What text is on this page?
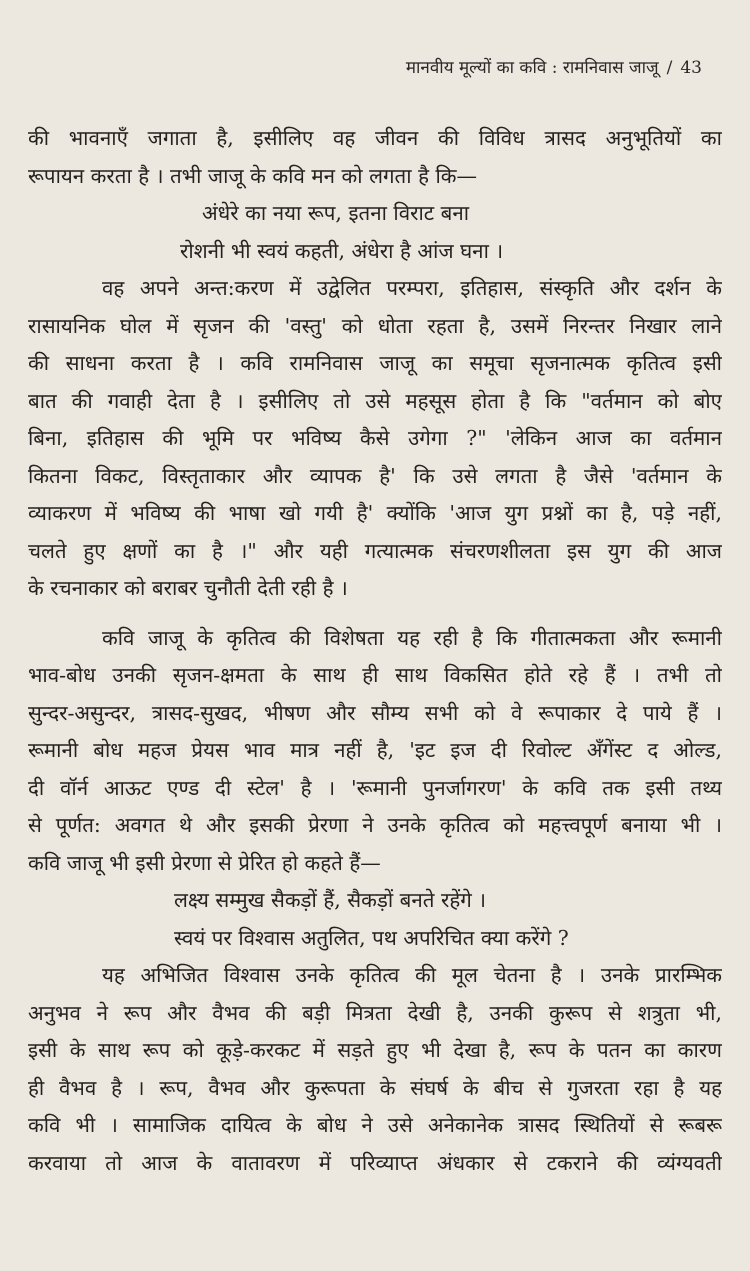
मानवीय मूल्यों का कवि : रामनिवास जाजू / 43
की भावनाएँ जगाता है, इसीलिए वह जीवन की विविध त्रासद अनुभूतियों का
रूपायन करता है । तभी जाजू के कवि मन को लगता है कि—
अंधेरे का नया रूप, इतना विराट बना
रोशनी भी स्वयं कहती, अंधेरा है आंज घना ।
वह अपने अन्त:करण में उद्वेलित परम्परा, इतिहास, संस्कृति और दर्शन के
रासायनिक घोल में सृजन की 'वस्तु' को धोता रहता है, उसमें निरन्तर निखार लाने
की साधना करता है । कवि रामनिवास जाजू का समूचा सृजनात्मक कृतित्व इसी
बात की गवाही देता है । इसीलिए तो उसे महसूस होता है कि "वर्तमान को बोए
बिना, इतिहास की भूमि पर भविष्य कैसे उगेगा ?" 'लेकिन आज का वर्तमान
कितना विकट, विस्तृताकार और व्यापक है' कि उसे लगता है जैसे 'वर्तमान के
व्याकरण में भविष्य की भाषा खो गयी है' क्योंकि 'आज युग प्रश्नों का है, पड़े नहीं,
चलते हुए क्षणों का है ।" और यही गत्यात्मक संचरणशीलता इस युग की आज
के रचनाकार को बराबर चुनौती देती रही है ।
कवि जाजू के कृतित्व की विशेषता यह रही है कि गीतात्मकता और रूमानी
भाव-बोध उनकी सृजन-क्षमता के साथ ही साथ विकसित होते रहे हैं । तभी तो
सुन्दर-असुन्दर, त्रासद-सुखद, भीषण और सौम्य सभी को वे रूपाकार दे पाये हैं ।
रूमानी बोध महज प्रेयस भाव मात्र नहीं है, 'इट इज दी रिवोल्ट अँगेंस्ट द ओल्ड,
दी वॉर्न आऊट एण्ड दी स्टेल' है । 'रूमानी पुनर्जागरण' के कवि तक इसी तथ्य
से पूर्णत: अवगत थे और इसकी प्रेरणा ने उनके कृतित्व को महत्त्वपूर्ण बनाया भी ।
कवि जाजू भी इसी प्रेरणा से प्रेरित हो कहते हैं—
लक्ष्य सम्मुख सैकड़ों हैं, सैकड़ों बनते रहेंगे ।
स्वयं पर विश्वास अतुलित, पथ अपरिचित क्या करेंगे ?
यह अभिजित विश्वास उनके कृतित्व की मूल चेतना है । उनके प्रारम्भिक
अनुभव ने रूप और वैभव की बड़ी मित्रता देखी है, उनकी कुरूप से शत्रुता भी,
इसी के साथ रूप को कूड़े-करकट में सड़ते हुए भी देखा है, रूप के पतन का कारण
ही वैभव है । रूप, वैभव और कुरूपता के संघर्ष के बीच से गुजरता रहा है यह
कवि भी । सामाजिक दायित्व के बोध ने उसे अनेकानेक त्रासद स्थितियों से रूबरू
करवाया तो आज के वातावरण में परिव्याप्त अंधकार से टकराने की व्यंग्यवती
